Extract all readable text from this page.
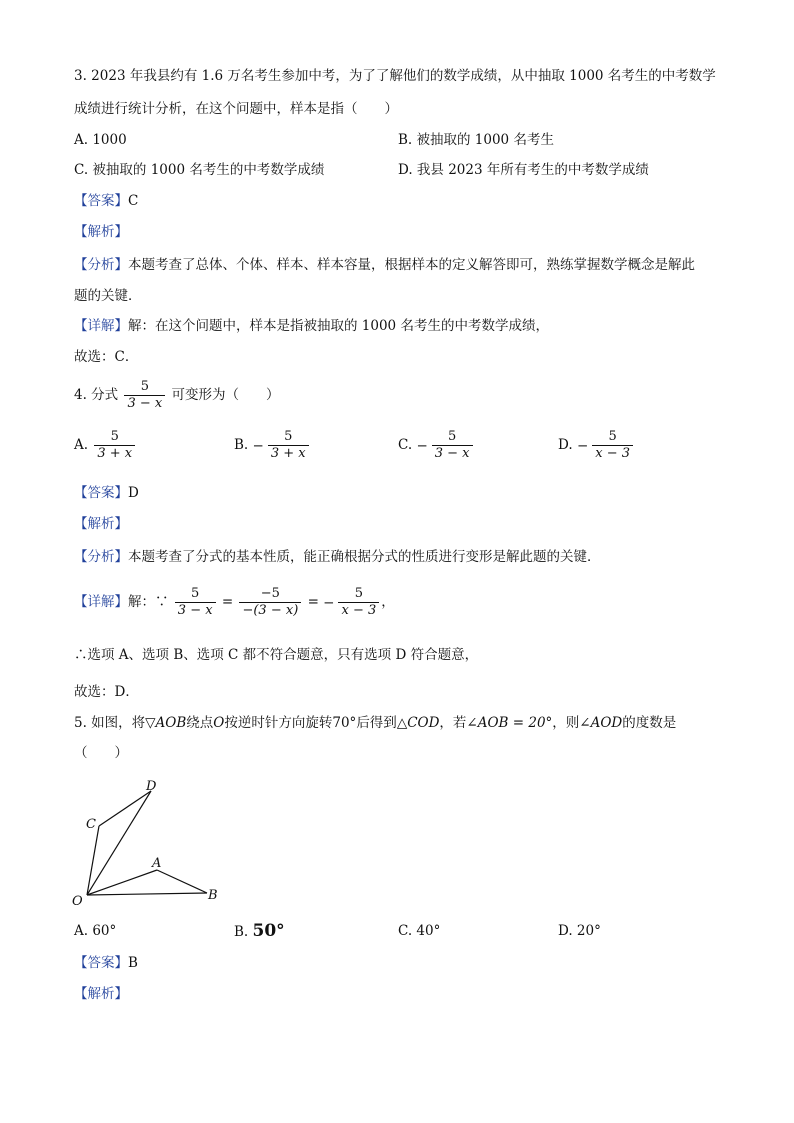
3. 2023 年我县约有 1.6 万名考生参加中考，为了了解他们的数学成绩，从中抽取 1000 名考生的中考数学
成绩进行统计分析，在这个问题中，样本是指（　　）
A. 1000	B. 被抽取的 1000 名考生
C. 被抽取的 1000 名考生的中考数学成绩	D. 我县 2023 年所有考生的中考数学成绩
【答案】C
【解析】
【分析】本题考查了总体、个体、样本、样本容量，根据样本的定义解答即可，熟练掌握数学概念是解此
题的关键．
【详解】解：在这个问题中，样本是指被抽取的 1000 名考生的中考数学成绩，
故选：C．
4. 分式 $\frac{5}{3 - x}$ 可变形为（　　）
A. $\frac{5}{3 + x}$	B. − $\frac{5}{3 + x}$	C. − $\frac{5}{3 - x}$	D. − $\frac{5}{x - 3}$
【答案】D
【解析】
【分析】本题考查了分式的基本性质，能正确根据分式的性质进行变形是解此题的关键．
【详解】解：∵ $\frac{5}{3 - x} = \frac{-5}{-(3 - x)}$ = − $\frac{5}{x - 3}$ ，
∴选项 A、选项 B、选项 C 都不符合题意，只有选项 D 符合题意，
故选：D．
5. 如图，将▽AOB绕点O按逆时针方向旋转70°后得到△COD，若∠AOB = 20°，则∠AOD的度数是
（　　）
D
C
A
O	B
A. 60°	B. 50°	C. 40°	D. 20°
【答案】B
【解析】
